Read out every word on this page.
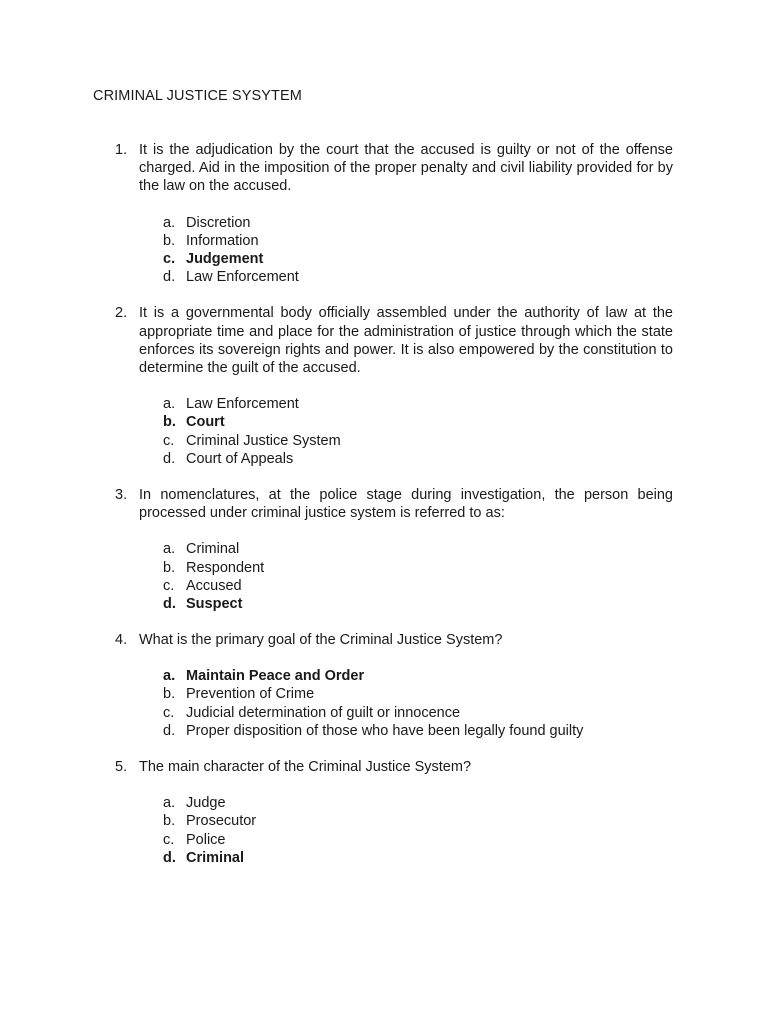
CRIMINAL JUSTICE SYSYTEM
1. It is the adjudication by the court that the accused is guilty or not of the offense charged. Aid in the imposition of the proper penalty and civil liability provided for by the law on the accused.

a. Discretion
b. Information
c. Judgement
d. Law Enforcement
2. It is a governmental body officially assembled under the authority of law at the appropriate time and place for the administration of justice through which the state enforces its sovereign rights and power. It is also empowered by the constitution to determine the guilt of the accused.

a. Law Enforcement
b. Court
c. Criminal Justice System
d. Court of Appeals
3. In nomenclatures, at the police stage during investigation, the person being processed under criminal justice system is referred to as:

a. Criminal
b. Respondent
c. Accused
d. Suspect
4. What is the primary goal of the Criminal Justice System?

a. Maintain Peace and Order
b. Prevention of Crime
c. Judicial determination of guilt or innocence
d. Proper disposition of those who have been legally found guilty
5. The main character of the Criminal Justice System?

a. Judge
b. Prosecutor
c. Police
d. Criminal
